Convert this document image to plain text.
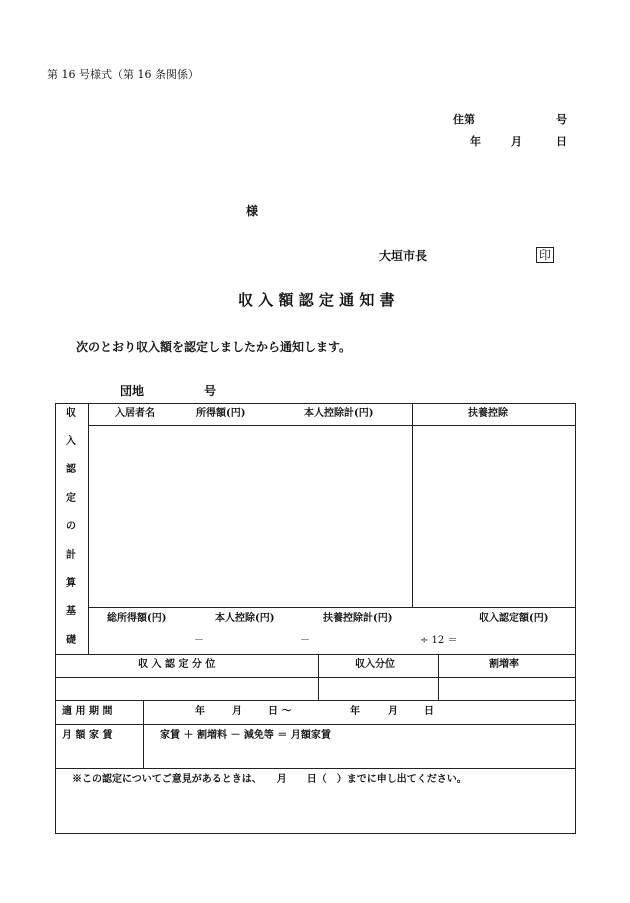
第 16 号様式（第 16 条関係）
住第	号
年	月	日
様
大垣市長	印
収 入 額 認 定 通 知 書
次のとおり収入額を認定しましたから通知します。
団地	号
収
入
認
定
の
計
算
基
礎
入居者名	所得額(円)	本人控除計(円)	扶養控除
総所得額(円)	本人控除(円)	扶養控除計(円)	収入認定額(円)
－	－	÷ 12 ＝
収 入 認 定 分 位	収入分位	割増率
適 用 期 間	年	月	日 〜	年	月	日
月 額 家 賃	家賃 ＋ 割増料 － 減免等 ＝ 月額家賃
※この認定についてご意見があるときは、　　月　　日（　）までに申し出てください。
